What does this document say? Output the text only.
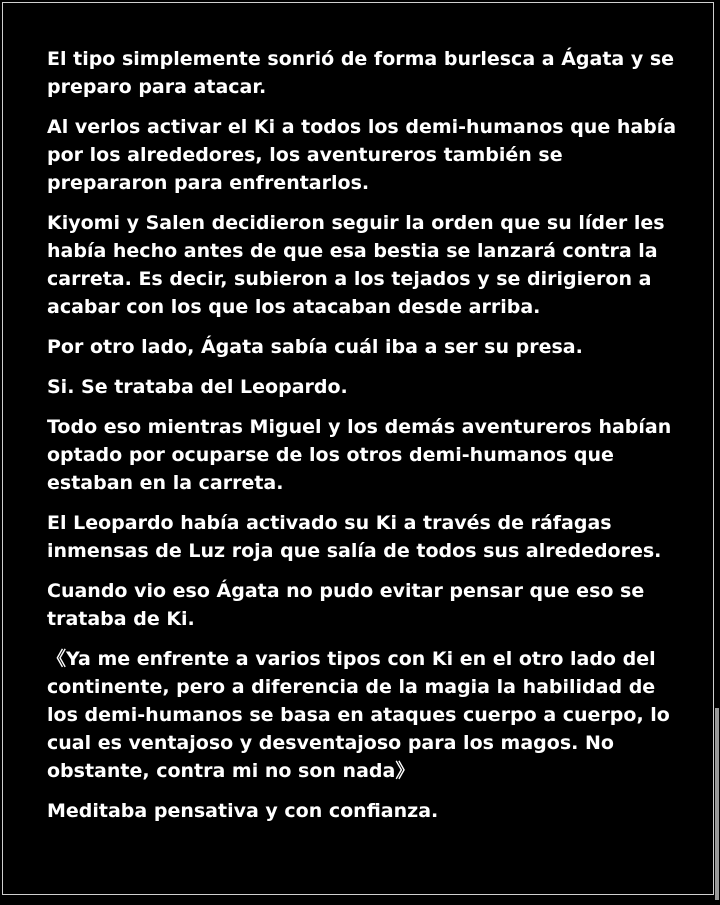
El tipo simplemente sonrió de forma burlesca a Ágata y se preparo para atacar.

Al verlos activar el Ki a todos los demi-humanos que había por los alrededores, los aventureros también se prepararon para enfrentarlos.

Kiyomi y Salen decidieron seguir la orden que su líder les había hecho antes de que esa bestia se lanzará contra la carreta. Es decir, subieron a los tejados y se dirigieron a acabar con los que los atacaban desde arriba.

Por otro lado, Ágata sabía cuál iba a ser su presa.

Si. Se trataba del Leopardo.

Todo eso mientras Miguel y los demás aventureros habían optado por ocuparse de los otros demi-humanos que estaban en la carreta.

El Leopardo había activado su Ki a través de ráfagas inmensas de Luz roja que salía de todos sus alrededores.

Cuando vio eso Ágata no pudo evitar pensar que eso se trataba de Ki.

《Ya me enfrente a varios tipos con Ki en el otro lado del continente, pero a diferencia de la magia la habilidad de los demi-humanos se basa en ataques cuerpo a cuerpo, lo cual es ventajoso y desventajoso para los magos. No obstante, contra mi no son nada》

Meditaba pensativa y con confianza.
